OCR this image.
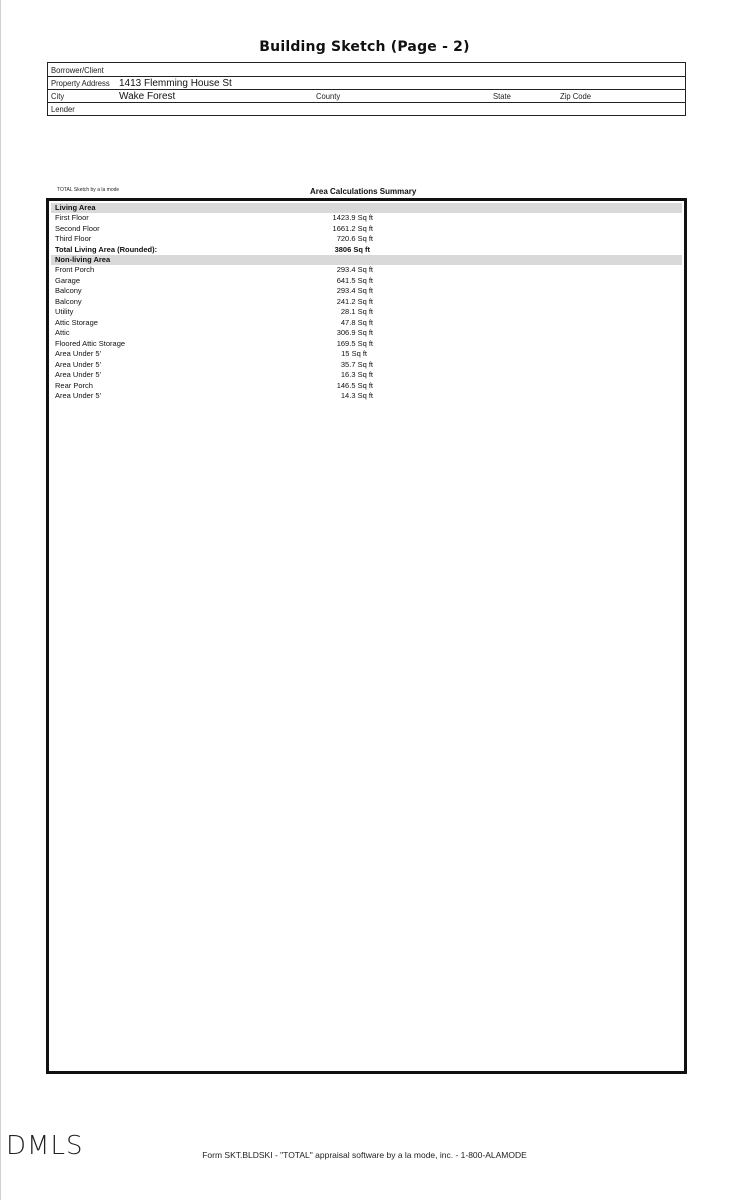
Building Sketch (Page - 2)
Borrower/Client
Property Address 1413 Flemming House St
City	Wake Forest	County	State	Zip Code
Lender
TOTAL Sketch by a la mode	Area Calculations Summary
Living Area
First Floor	1423.9 Sq ft
Second Floor	1661.2 Sq ft
Third Floor	720.6 Sq ft
Total Living Area (Rounded):	3806 Sq ft
Non-living Area
Front Porch	293.4 Sq ft
Garage	641.5 Sq ft
Balcony	293.4 Sq ft
Balcony	241.2 Sq ft
Utility	28.1 Sq ft
Attic Storage	47.8 Sq ft
Attic	306.9 Sq ft
Floored Attic Storage	169.5 Sq ft
Area Under 5'	15 Sq ft
Area Under 5'	35.7 Sq ft
Area Under 5'	16.3 Sq ft
Rear Porch	146.5 Sq ft
Area Under 5'	14.3 Sq ft
DMLS	Form SKT.BLDSKI - "TOTAL" appraisal software by a la mode, inc. - 1-800-ALAMODE
